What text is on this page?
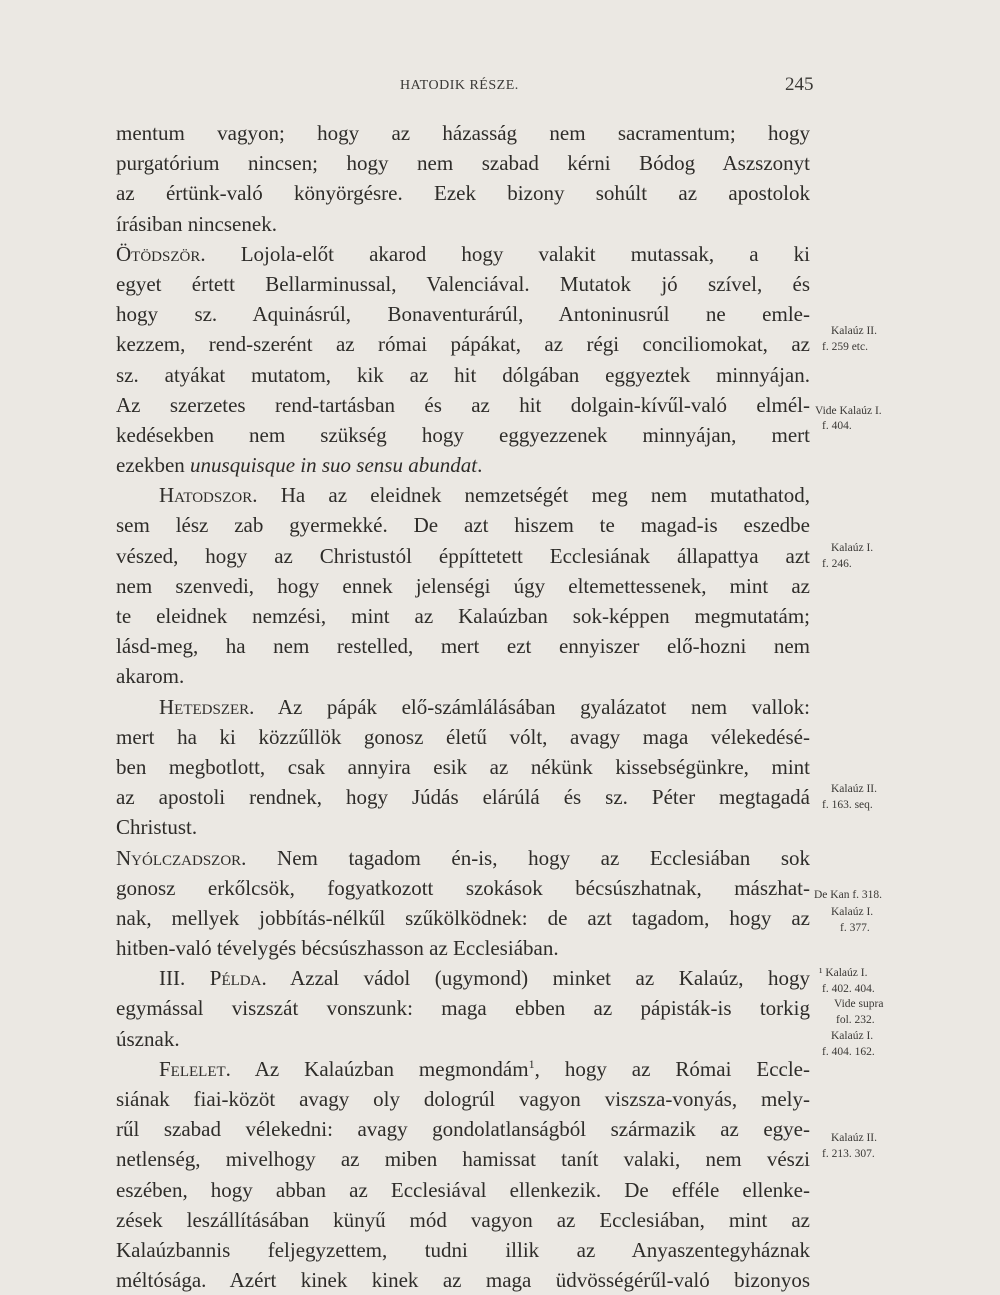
HATODIK RÉSZE.	245
mentum vagyon; hogy az házasság nem sacramentum; hogy
purgatórium nincsen; hogy nem szabad kérni Bódog Aszszonyt
az értünk-való könyörgésre. Ezek bizony sohúlt az apostolok
írásiban nincsenek.
Ötödször. Lojola-előt akarod hogy valakit mutassak, a ki
egyet értett Bellarminussal, Valenciával. Mutatok jó szível, és
hogy sz. Aquinásrúl, Bonaventurárúl, Antoninusrúl ne emle-
kezzem, rend-szerént az római pápákat, az régi conciliomokat, az
sz. atyákat mutatom, kik az hit dólgában eggyeztek minnyájan.
Az szerzetes rend-tartásban és az hit dolgain-kívűl-való elmél-
kedésekben nem szükség hogy eggyezzenek minnyájan, mert
ezekben unusquisque in suo sensu abundat.
Hatodszor. Ha az eleidnek nemzetségét meg nem mutathatod,
sem lész zab gyermekké. De azt hiszem te magad-is eszedbe
vészed, hogy az Christustól éppíttetett Ecclesiának állapattya azt
nem szenvedi, hogy ennek jelenségi úgy eltemettessenek, mint az
te eleidnek nemzési, mint az Kalaúzban sok-képpen megmutatám;
lásd-meg, ha nem restelled, mert ezt ennyiszer elő-hozni nem
akarom.
Hetedszer. Az pápák elő-számlálásában gyalázatot nem vallok:
mert ha ki közzűllök gonosz életű vólt, avagy maga vélekedésé-
ben megbotlott, csak annyira esik az nékünk kissebségünkre, mint
az apostoli rendnek, hogy Júdás elárúlá és sz. Péter megtagadá
Christust.
Nyólczadszor. Nem tagadom én-is, hogy az Ecclesiában sok
gonosz erkőlcsök, fogyatkozott szokások bécsúszhatnak, mászhat-
nak, mellyek jobbítás-nélkűl szűkölködnek: de azt tagadom, hogy az
hitben-való tévelygés bécsúszhasson az Ecclesiában.
III. Példa. Azzal vádol (ugymond) minket az Kalaúz, hogy
egymással viszszát vonszunk: maga ebben az pápisták-is torkig
úsznak.
Felelet. Az Kalaúzban megmondám$^1$, hogy az Római Eccle-
siának fiai-közöt avagy oly dologrúl vagyon viszsza-vonyás, mely-
rűl szabad vélekedni: avagy gondolatlanságból származik az egye-
netlenség, mivelhogy az miben hamissat tanít valaki, nem vészi
eszében, hogy abban az Ecclesiával ellenkezik. De efféle ellenke-
zések leszállításában künyű mód vagyon az Ecclesiában, mint az
Kalaúzbannis feljegyzettem, tudni illik az Anyaszentegyháznak
méltósága. Azért kinek kinek az maga üdvösségérűl-való bizonyos
Kalaúz II.
f. 259 etc.
Vide Kalaúz I.
f. 404.
Kalaúz I.
f. 246.
Kalaúz II.
f. 163. seq.
De Kan f. 318.
Kalaúz I.
f. 377.
¹ Kalaúz I.
f. 402. 404.
Vide supra
fol. 232.
Kalaúz I.
f. 404. 162.
Kalaúz II.
f. 213. 307.
